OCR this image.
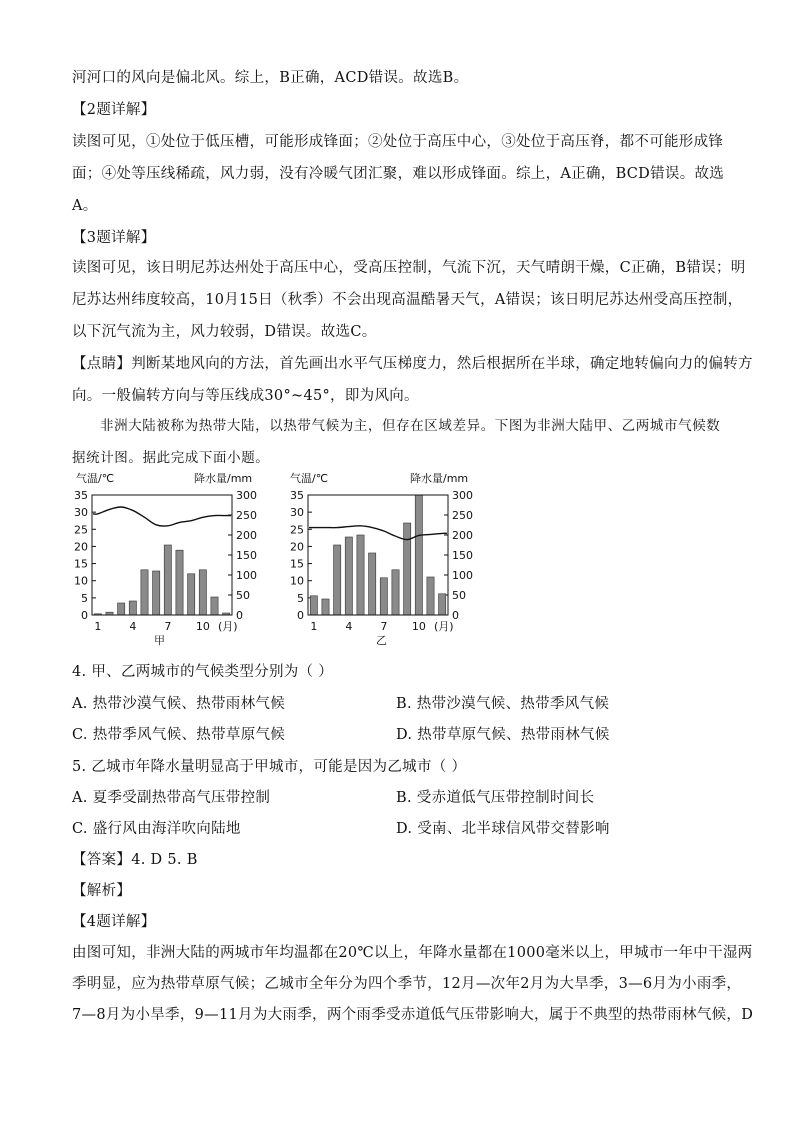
河河口的风向是偏北风。综上，B正确，ACD错误。故选B。
【2题详解】
读图可见，①处位于低压槽，可能形成锋面；②处位于高压中心，③处位于高压脊，都不可能形成锋
面；④处等压线稀疏，风力弱，没有冷暖气团汇聚，难以形成锋面。综上，A正确，BCD错误。故选
A。
【3题详解】
读图可见，该日明尼苏达州处于高压中心，受高压控制，气流下沉，天气晴朗干燥，C正确，B错误；明
尼苏达州纬度较高，10月15日（秋季）不会出现高温酷暑天气，A错误；该日明尼苏达州受高压控制，
以下沉气流为主，风力较弱，D错误。故选C。
【点睛】判断某地风向的方法，首先画出水平气压梯度力，然后根据所在半球，确定地转偏向力的偏转方
向。一般偏转方向与等压线成30°~45°，即为风向。
非洲大陆被称为热带大陆，以热带气候为主，但存在区域差异。下图为非洲大陆甲、乙两城市气候数
据统计图。据此完成下面小题。
气温/℃	降水量/mm
0
5
10
15
20
25
30
35
0
50
100
150
200
250
300
1	4	7 10 (月)
甲
气温/℃	降水量/mm
0
5
10
15
20
25
30
35
0
50
100
150
200
250
300
1	4	7 10 (月)
乙
4. 甲、乙两城市的气候类型分别为（ ）
A. 热带沙漠气候、热带雨林气候	B. 热带沙漠气候、热带季风气候
C. 热带季风气候、热带草原气候	D. 热带草原气候、热带雨林气候
5. 乙城市年降水量明显高于甲城市，可能是因为乙城市（ ）
A. 夏季受副热带高气压带控制	B. 受赤道低气压带控制时间长
C. 盛行风由海洋吹向陆地	D. 受南、北半球信风带交替影响
【答案】4. D 5. B
【解析】
【4题详解】
由图可知，非洲大陆的两城市年均温都在20℃以上，年降水量都在1000毫米以上，甲城市一年中干湿两
季明显，应为热带草原气候；乙城市全年分为四个季节，12月—次年2月为大旱季，3—6月为小雨季，
7—8月为小旱季，9—11月为大雨季，两个雨季受赤道低气压带影响大，属于不典型的热带雨林气候，D
